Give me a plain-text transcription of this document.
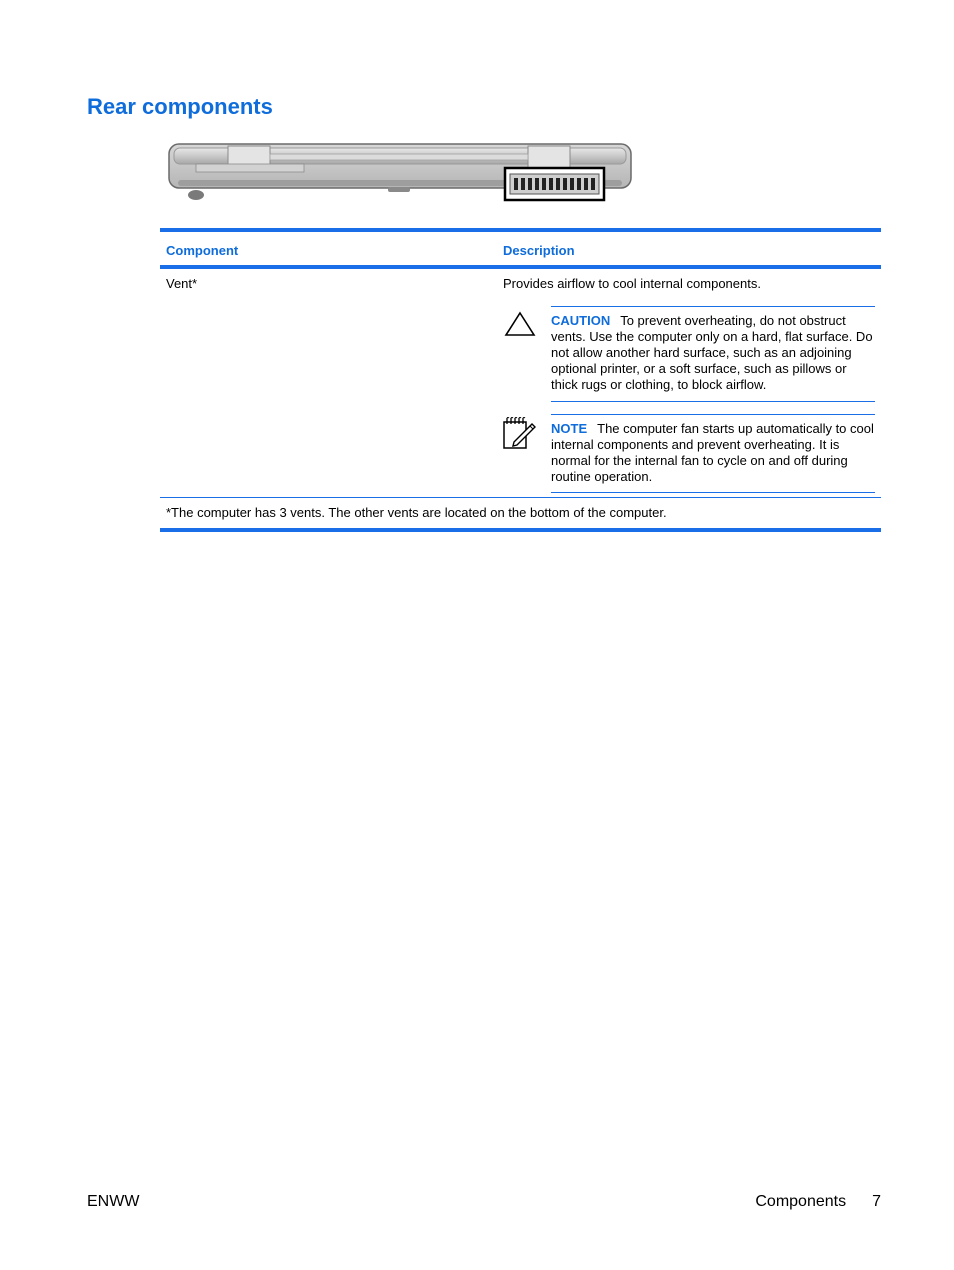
Rear components
Component	Description
Vent*	Provides airflow to cool internal components.
CAUTION To prevent overheating, do not obstruct vents. Use the computer only on a hard, flat surface. Do not allow another hard surface, such as an adjoining optional printer, or a soft surface, such as pillows or thick rugs or clothing, to block airflow.
NOTE The computer fan starts up automatically to cool internal components and prevent overheating. It is normal for the internal fan to cycle on and off during routine operation.
*The computer has 3 vents. The other vents are located on the bottom of the computer.
ENWW	Components 7
